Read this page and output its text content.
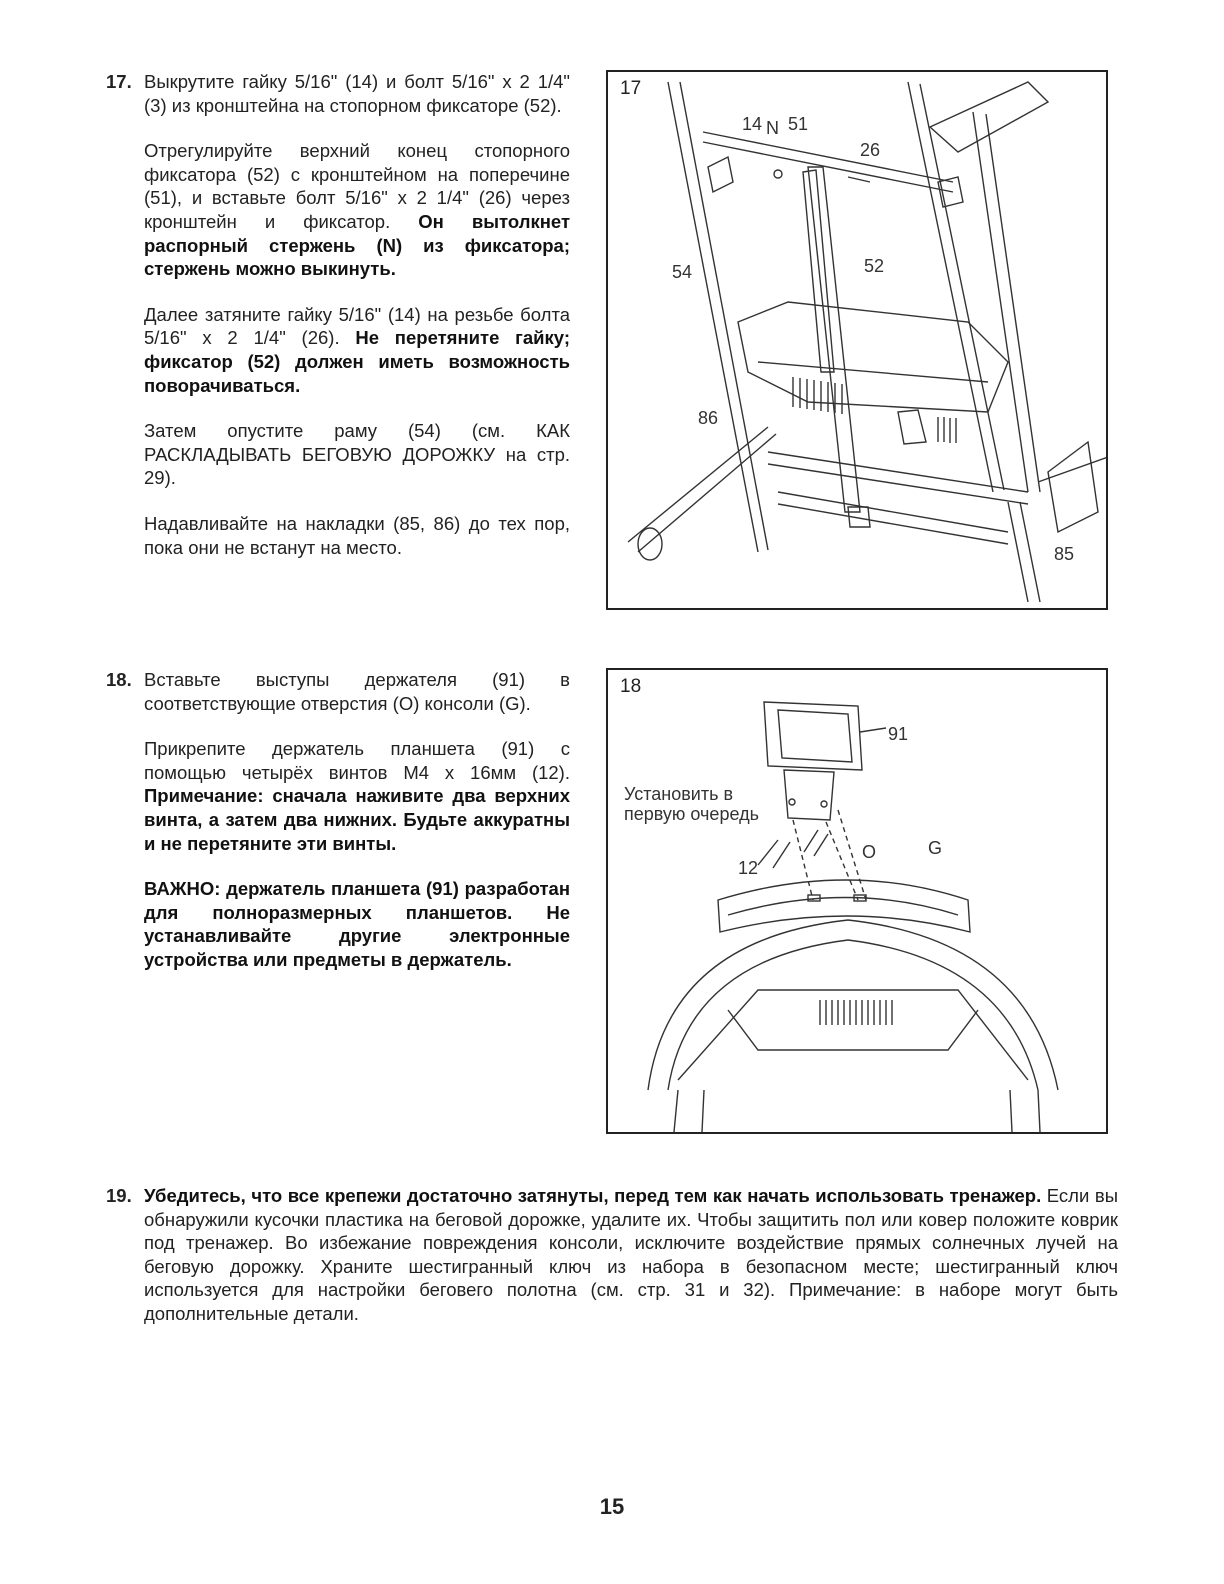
17. Выкрутите гайку 5/16" (14) и болт 5/16" x 2 1/4" (3) из кронштейна на стопорном фиксаторе (52).

Отрегулируйте верхний конец стопорного фиксатора (52) с кронштейном на поперечине (51), и вставьте болт 5/16" x 2 1/4" (26) через кронштейн и фиксатор. Он вытолкнет распорный стержень (N) из фиксатора; стержень можно выкинуть.

Далее затяните гайку 5/16" (14) на резьбе болта 5/16" x 2 1/4" (26). Не перетяните гайку; фиксатор (52) должен иметь возможность поворачиваться.

Затем опустите раму (54) (см. КАК РАСКЛАДЫВАТЬ БЕГОВУЮ ДОРОЖКУ на стр. 29).

Надавливайте на накладки (85, 86) до тех пор, пока они не встанут на место.

17
14 N 51
26
52
54
86
85
18. Вставьте выступы держателя (91) в соответствующие отверстия (O) консоли (G).

Прикрепите держатель планшета (91) с помощью четырёх винтов M4 x 16мм (12). Примечание: сначала наживите два верхних винта, а затем два нижних. Будьте аккуратны и не перетяните эти винты.

ВАЖНО: держатель планшета (91) разработан для полноразмерных планшетов. Не устанавливайте другие электронные устройства или предметы в держатель.

18
91
Установить в первую очередь
12
O	G
19. Убедитесь, что все крепежи достаточно затянуты, перед тем как начать использовать тренажер. Если вы обнаружили кусочки пластика на беговой дорожке, удалите их. Чтобы защитить пол или ковер положите коврик под тренажер. Во избежание повреждения консоли, исключите воздействие прямых солнечных лучей на беговую дорожку. Храните шестигранный ключ из набора в безопасном месте; шестигранный ключ используется для настройки беговего полотна (см. стр. 31 и 32). Примечание: в наборе могут быть дополнительные детали.
15
